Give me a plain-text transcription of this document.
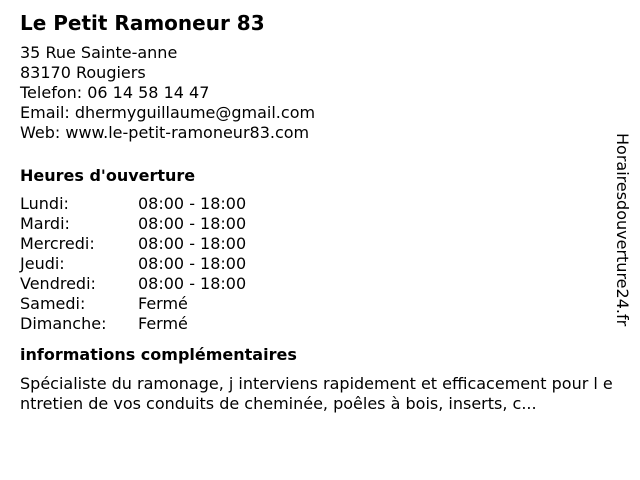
Le Petit Ramoneur 83
35 Rue Sainte-anne
83170 Rougiers
Telefon: 06 14 58 14 47
Email: dhermyguillaume@gmail.com
Web: www.le-petit-ramoneur83.com
Heures d'ouverture
Lundi:	08:00 - 18:00
Mardi:	08:00 - 18:00
Mercredi:	08:00 - 18:00
Jeudi:	08:00 - 18:00
Vendredi:	08:00 - 18:00
Samedi:	Fermé
Dimanche:	Fermé
informations complémentaires
Spécialiste du ramonage, j interviens rapidement et efficacement pour l entretien de vos conduits de cheminée, poêles à bois, inserts, c...
Horairesdouverture24.fr
